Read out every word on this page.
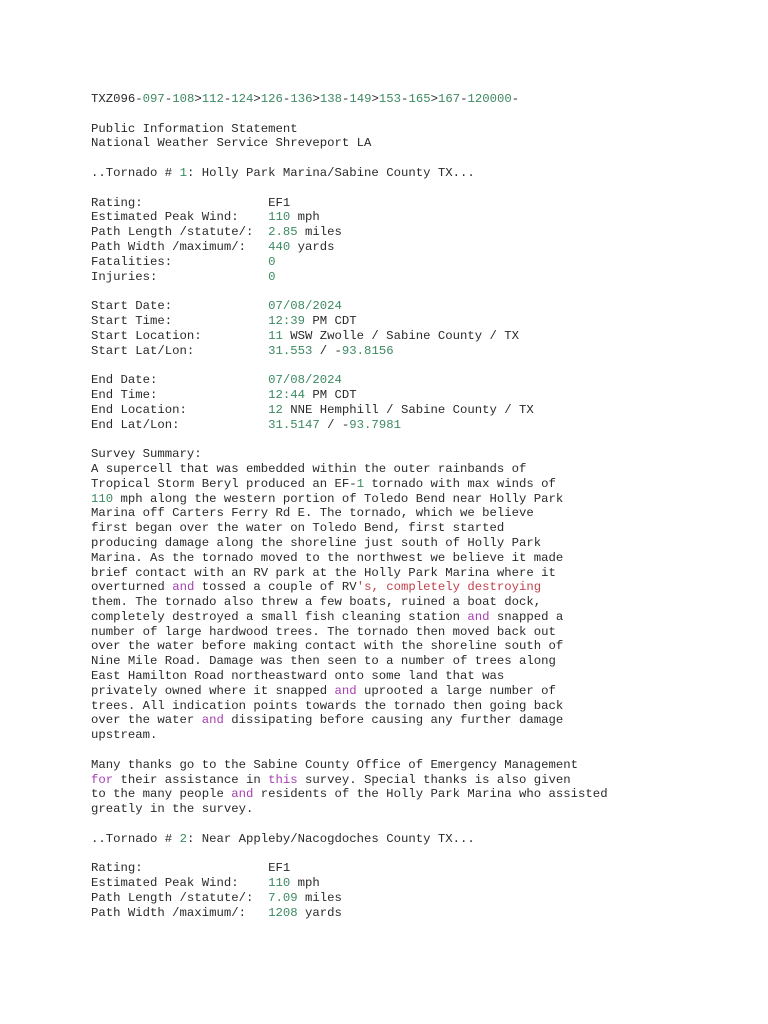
TXZ096-097-108>112-124>126-136>138-149>153-165>167-120000-

Public Information Statement
National Weather Service Shreveport LA

..Tornado # 1: Holly Park Marina/Sabine County TX...

Rating:                 EF1
Estimated Peak Wind:    110 mph
Path Length /statute/:  2.85 miles
Path Width /maximum/:   440 yards
Fatalities:             0
Injuries:               0

Start Date:             07/08/2024
Start Time:             12:39 PM CDT
Start Location:         11 WSW Zwolle / Sabine County / TX
Start Lat/Lon:          31.553 / -93.8156

End Date:               07/08/2024
End Time:               12:44 PM CDT
End Location:           12 NNE Hemphill / Sabine County / TX
End Lat/Lon:            31.5147 / -93.7981

Survey Summary:
A supercell that was embedded within the outer rainbands of
Tropical Storm Beryl produced an EF-1 tornado with max winds of
110 mph along the western portion of Toledo Bend near Holly Park
Marina off Carters Ferry Rd E. The tornado, which we believe
first began over the water on Toledo Bend, first started
producing damage along the shoreline just south of Holly Park
Marina. As the tornado moved to the northwest we believe it made
brief contact with an RV park at the Holly Park Marina where it
overturned and tossed a couple of RV's, completely destroying
them. The tornado also threw a few boats, ruined a boat dock,
completely destroyed a small fish cleaning station and snapped a
number of large hardwood trees. The tornado then moved back out
over the water before making contact with the shoreline south of
Nine Mile Road. Damage was then seen to a number of trees along
East Hamilton Road northeastward onto some land that was
privately owned where it snapped and uprooted a large number of
trees. All indication points towards the tornado then going back
over the water and dissipating before causing any further damage
upstream.

Many thanks go to the Sabine County Office of Emergency Management
for their assistance in this survey. Special thanks is also given
to the many people and residents of the Holly Park Marina who assisted
greatly in the survey.

..Tornado # 2: Near Appleby/Nacogdoches County TX...

Rating:                 EF1
Estimated Peak Wind:    110 mph
Path Length /statute/:  7.09 miles
Path Width /maximum/:   1208 yards
